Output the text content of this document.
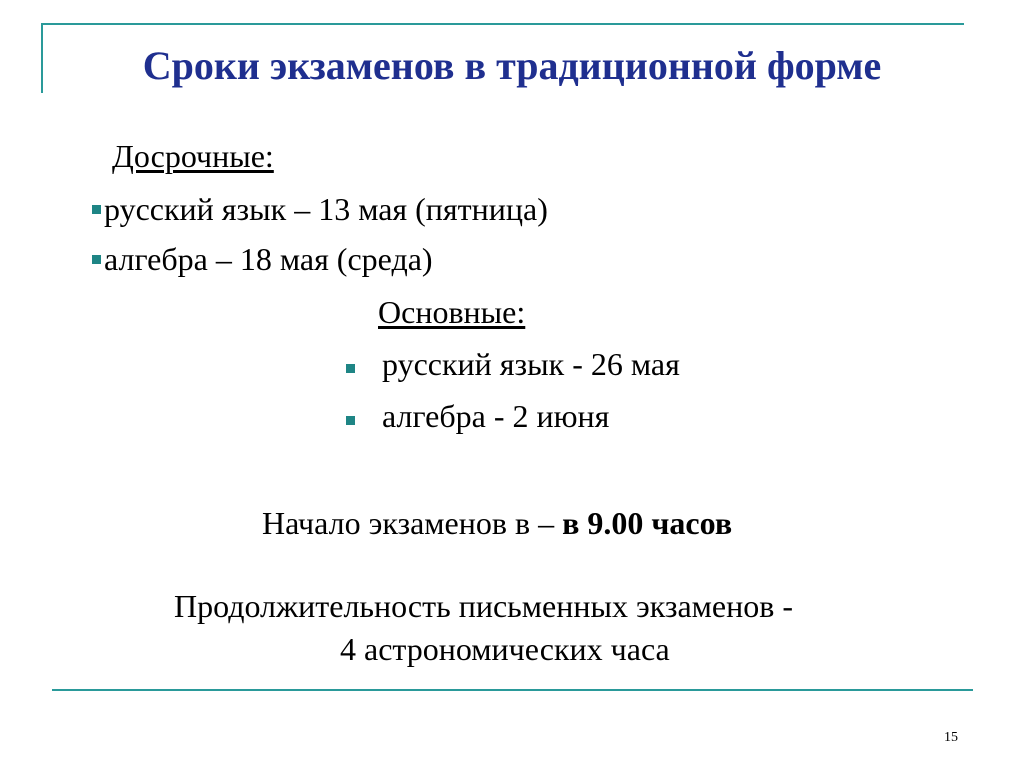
Сроки экзаменов в традиционной форме
Досрочные:
русский язык – 13 мая (пятница)
алгебра – 18 мая (среда)
Основные:
русский язык - 26 мая
алгебра - 2 июня
Начало экзаменов в – в 9.00 часов
Продолжительность письменных экзаменов -
4 астрономических часа
15
